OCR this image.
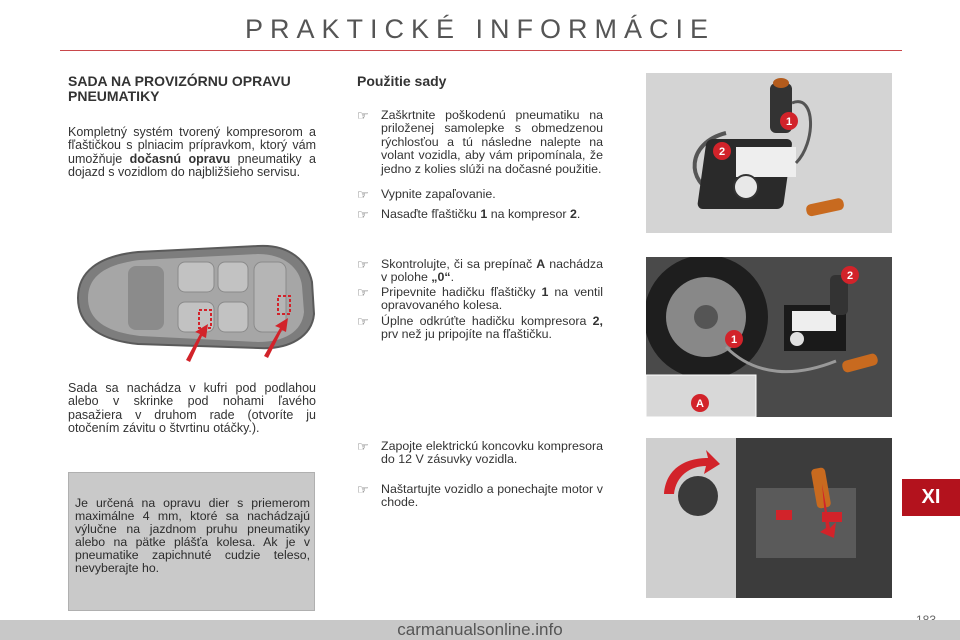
PRAKTICKÉ INFORMÁCIE
SADA NA PROVIZÓRNU OPRAVU PNEUMATIKY
Kompletný systém tvorený kompresorom a fľaštičkou s plniacim prípravkom, ktorý vám umožňuje dočasnú opravu pneumatiky a dojazd s vozidlom do najbližšieho servisu.
Sada sa nachádza v kufri pod podlahou alebo v skrinke pod nohami ľavého pasažiera v druhom rade (otvoríte ju otočením závitu o štvrtinu otáčky.).
Je určená na opravu dier s priemerom maximálne 4 mm, ktoré sa nachádzajú výlučne na jazdnom pruhu pneumatiky alebo na pätke plášťa kolesa. Ak je v pneumatike zapichnuté cudzie teleso, nevyberajte ho.
Použitie sady
☞ Zaškrtnite poškodenú pneumatiku na priloženej samolepke s obmedzenou rýchlosťou a tú následne nalepte na volant vozidla, aby vám pripomínala, že jedno z kolies slúži na dočasné použitie.
☞ Vypnite zapaľovanie.
☞ Nasaďte fľaštičku 1 na kompresor 2.
☞ Skontrolujte, či sa prepínač A nachádza v polohe „0“.
☞ Pripevnite hadičku fľaštičky 1 na ventil opravovaného kolesa.
☞ Úplne odkrúťte hadičku kompresora 2, prv než ju pripojíte na fľaštičku.
☞ Zapojte elektrickú koncovku kompresora do 12 V zásuvky vozidla.
☞ Naštartujte vozidlo a ponechajte motor v chode.
1
2
2
1
A
XI
carmanualsonline.info
